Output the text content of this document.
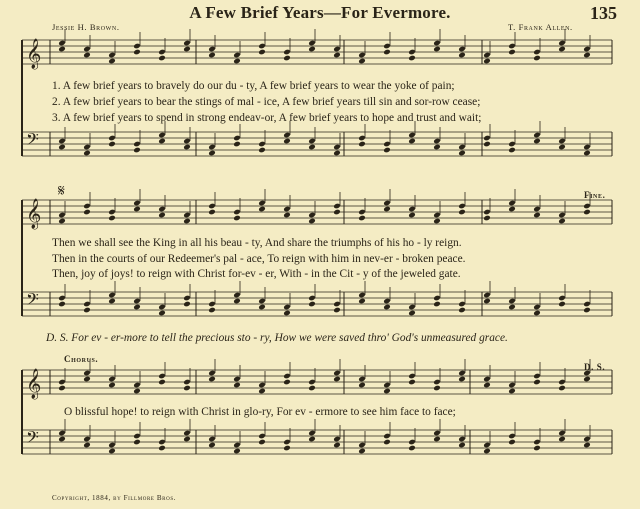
𝄞
𝄢
𝄞
𝄢
𝄞
𝄢
𝄋
A Few Brief Years—For Evermore.	135
Jessie H. Brown.	T. Frank Allen.
1. A few brief years to bravely do our du - ty, A few brief years to wear the yoke of pain;
2. A few brief years to bear the stings of mal - ice, A few brief years till sin and sor-row cease;
3. A few brief years to spend in strong endeav-or, A few brief years to hope and trust and wait;
Fine.
Then we shall see the King in all his beau - ty, And share the triumphs of his ho - ly reign.
Then in the courts of our Redeemer's pal - ace, To reign with him in nev-er - broken peace.
Then, joy of joys! to reign with Christ for-ev - er, With - in the Cit - y of the jeweled gate.
D. S. For ev - er-more to tell the precious sto - ry, How we were saved thro' God's unmeasured grace.
Chorus.
D. S.
O blissful hope! to reign with Christ in glo-ry, For ev - ermore to see him face to face;
Copyright, 1884, by Fillmore Bros.
